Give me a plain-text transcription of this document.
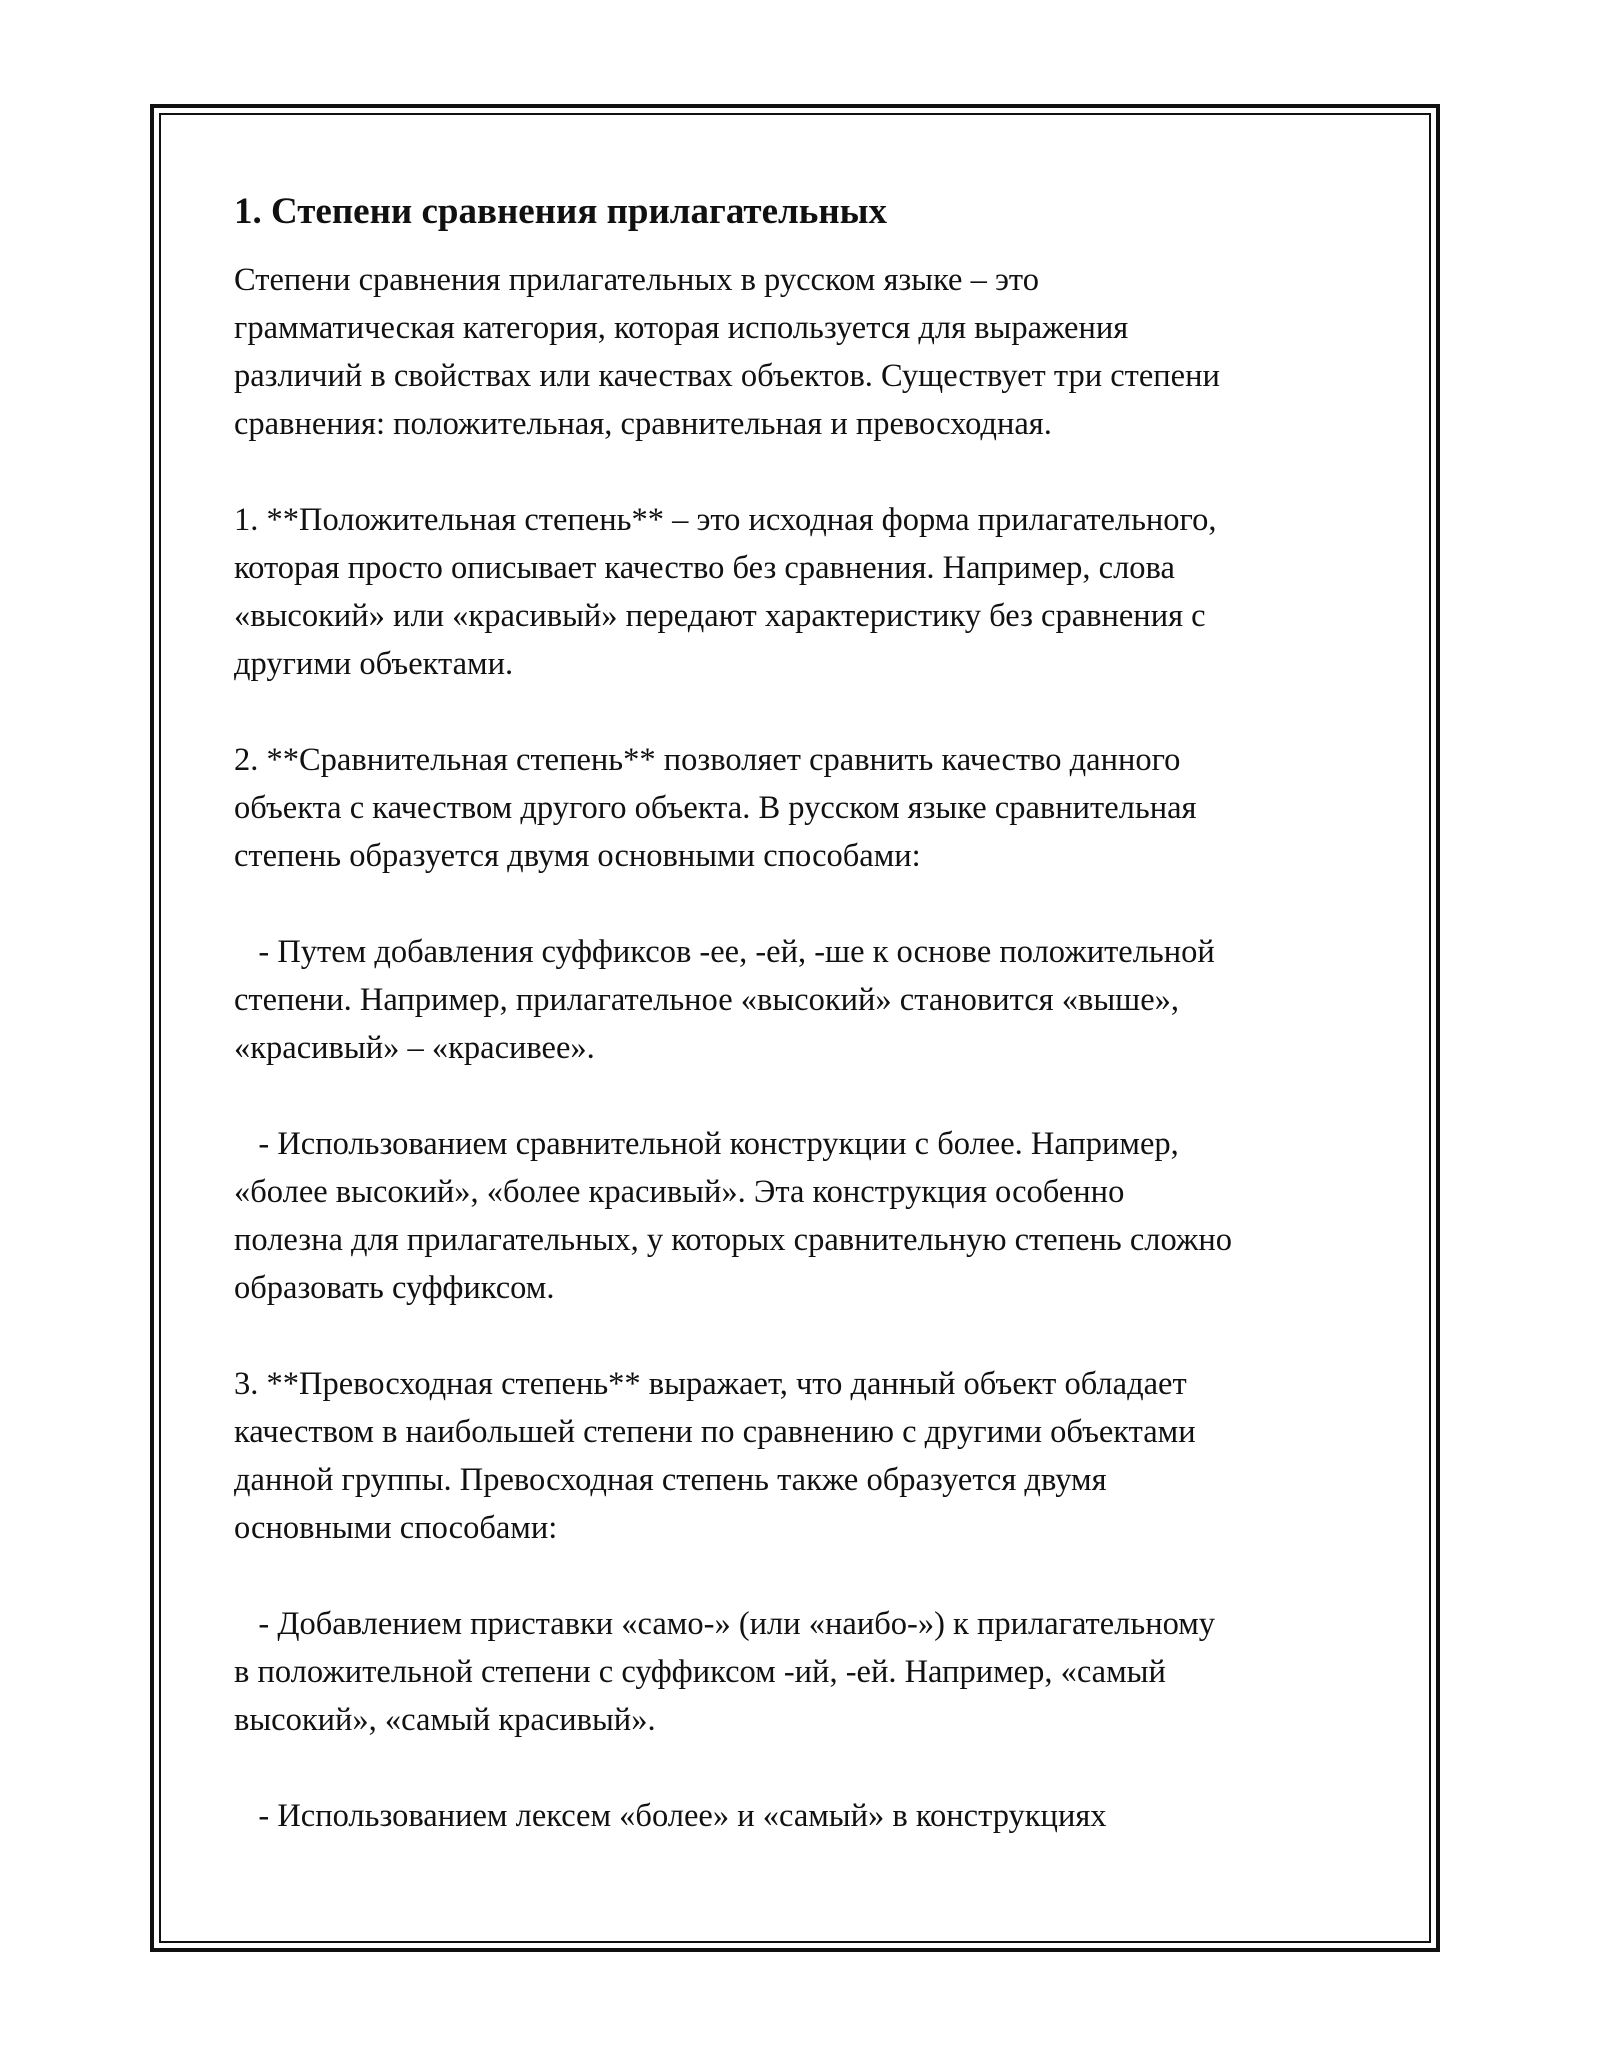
1. Степени сравнения прилагательных

Степени сравнения прилагательных в русском языке – это
грамматическая категория, которая используется для выражения
различий в свойствах или качествах объектов. Существует три степени
сравнения: положительная, сравнительная и превосходная.

1. **Положительная степень** – это исходная форма прилагательного,
которая просто описывает качество без сравнения. Например, слова
«высокий» или «красивый» передают характеристику без сравнения с
другими объектами.

2. **Сравнительная степень** позволяет сравнить качество данного
объекта с качеством другого объекта. В русском языке сравнительная
степень образуется двумя основными способами:

- Путем добавления суффиксов -ее, -ей, -ше к основе положительной
степени. Например, прилагательное «высокий» становится «выше»,
«красивый» – «красивее».

- Использованием сравнительной конструкции с более. Например,
«более высокий», «более красивый». Эта конструкция особенно
полезна для прилагательных, у которых сравнительную степень сложно
образовать суффиксом.

3. **Превосходная степень** выражает, что данный объект обладает
качеством в наибольшей степени по сравнению с другими объектами
данной группы. Превосходная степень также образуется двумя
основными способами:

- Добавлением приставки «само-» (или «наибо-») к прилагательному
в положительной степени с суффиксом -ий, -ей. Например, «самый
высокий», «самый красивый».

- Использованием лексем «более» и «самый» в конструкциях
